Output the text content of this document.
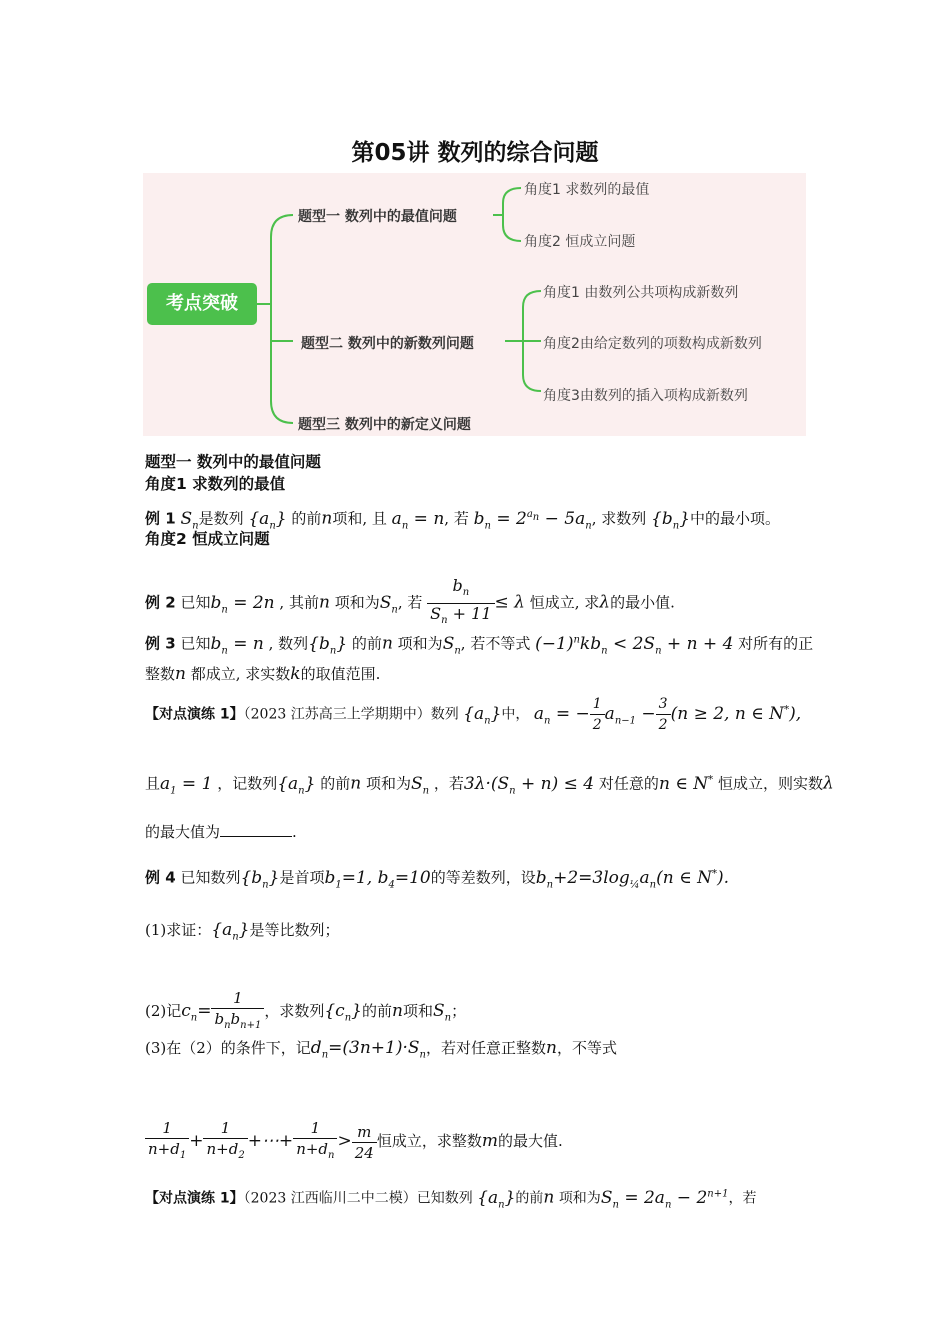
第05讲 数列的综合问题
考点突破
题型一 数列中的最值问题
题型二 数列中的新数列问题
题型三 数列中的新定义问题
角度1 求数列的最值
角度2 恒成立问题
角度1 由数列公共项构成新数列
角度2由给定数列的项数构成新数列
角度3由数列的插入项构成新数列
题型一 数列中的最值问题
角度1 求数列的最值
例 1 $S_n$是数列 $\{a_n\}$ 的前n项和, 且 $a_n = n$, 若 $b_n = 2^{a_n} - 5a_n$, 求数列 $\{b_n\}$中的最小项。
角度2 恒成立问题
例 2 已知$b_n = 2n$ , 其前n 项和为$S_n$, 若 $\frac{b_n}{S_n + 11} \le \lambda$ 恒成立, 求λ的最小值.
例 3 已知$b_n = n$ , 数列$\{b_n\}$ 的前n 项和为$S_n$, 若不等式 $(-1)^nkb_n < 2S_n + n + 4$ 对所有的正
整数n 都成立, 求实数k的取值范围.
【对点演练 1】（2023 江苏高三上学期期中）数列 $\{a_n\}$中， $a_n$ = − $\frac{1}{2} a_{n-1} - \frac{3}{2} (n \ge 2$, n ∈ N*),
且$a_1 = 1$ ，记数列$\{a_n\}$ 的前n 项和为$S_n$ ，若$3\lambda\cdot(S_n + n) \le 4$ 对任意的n ∈ N* 恒成立，则实数λ
的最大值为	.
例 4 已知数列$\{b_n\}$是首项$b_1=1$, $b_4=10$的等差数列，设$b_n+2=3\log_{\frac{1}{4}}a_n(n$ ∈ N*).
(1)求证：$\{a_n\}$是等比数列；
(2)记$c_n= \frac{1}{b_nb_{n+1}}$ ，求数列$\{c_n\}$的前n项和$S_n$；
(3)在（2）的条件下，记$d_n=(3n+1)\cdot S_n$，若对任意正整数n，不等式
$\frac{1}{n+d_1} + \frac{1}{n+d_2}$ +⋯+ $\frac{1}{n+d_n} > \frac{m}{24}$ 恒成立，求整数m的最大值.
【对点演练 1】（2023 江西临川二中二模）已知数列 $\{a_n\}$的前n 项和为$S_n = 2a_n - 2^{n+1}$，若
